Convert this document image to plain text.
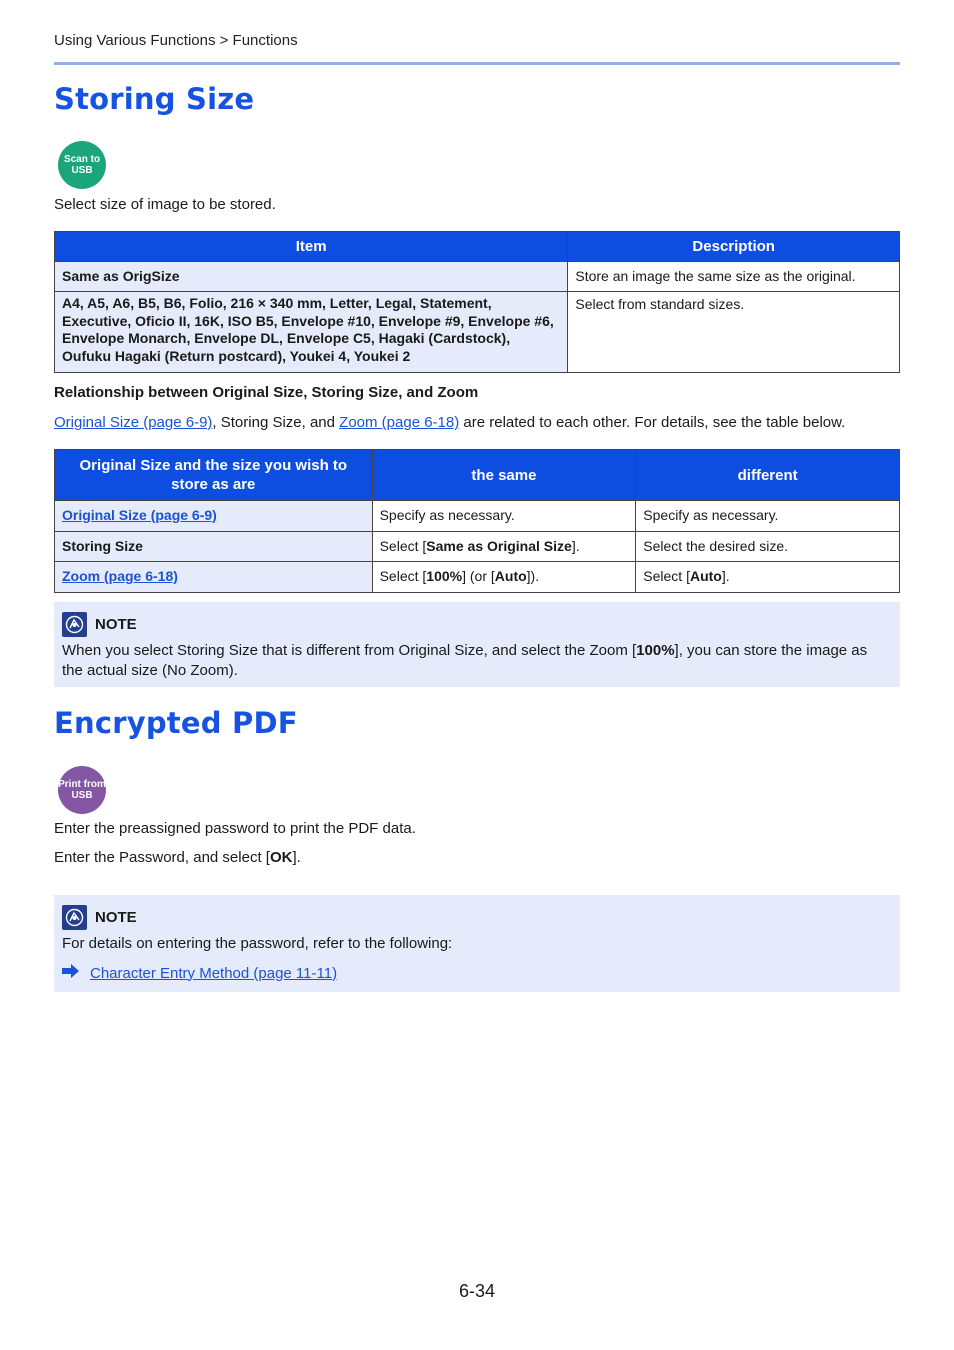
Using Various Functions > Functions
Storing Size
Scan to
USB
Select size of image to be stored.
Item	Description
Same as OrigSize	Store an image the same size as the original.
A4, A5, A6, B5, B6, Folio, 216 × 340 mm, Letter, Legal, Statement, Executive, Oficio II, 16K, ISO B5, Envelope #10, Envelope #9, Envelope #6, Envelope Monarch, Envelope DL, Envelope C5, Hagaki (Cardstock), Oufuku Hagaki (Return postcard), Youkei 4, Youkei 2	Select from standard sizes.
Relationship between Original Size, Storing Size, and Zoom
Original Size (page 6-9), Storing Size, and Zoom (page 6-18) are related to each other. For details, see the table below.
Original Size and the size you wish to store as are	the same	different
Original Size (page 6-9)	Specify as necessary.	Specify as necessary.
Storing Size	Select [Same as Original Size].	Select the desired size.
Zoom (page 6-18)	Select [100%] (or [Auto]).	Select [Auto].
NOTE
When you select Storing Size that is different from Original Size, and select the Zoom [100%], you can store the image as the actual size (No Zoom).
Encrypted PDF
Print from
USB
Enter the preassigned password to print the PDF data.
Enter the Password, and select [OK].
NOTE
For details on entering the password, refer to the following:
Character Entry Method (page 11-11)
6-34
